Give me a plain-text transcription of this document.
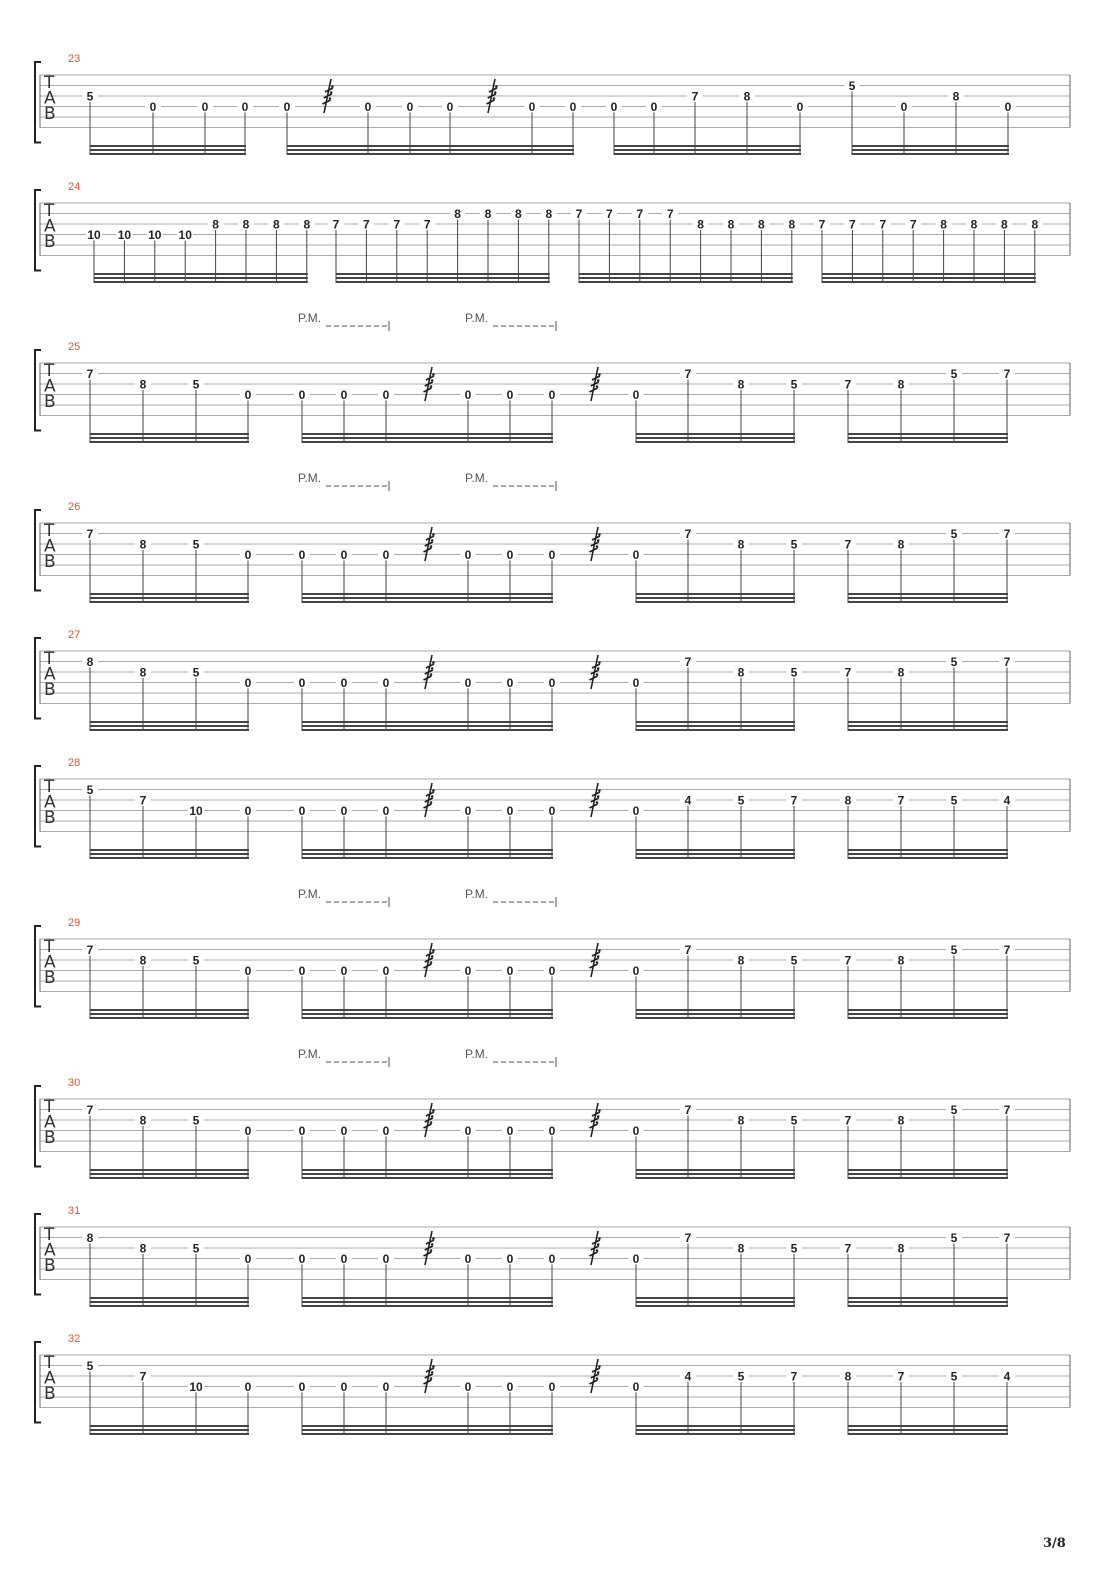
T
A
B
23
5
0	0	0	0	0	0	0	0	0	0	0
7	8
0
5
0
8
0
T
A
B
24
10 10 10 10
8 8 8 8 7 7 7 7
8 8 8 8 7 7 7 7
8 8 8 8 7 7 7 7 8 8 8 8
T
A
B
25
P.M.	P.M.
7
8	5
0	0	0	0	0	0	0	0
7
8	5	7	8
5	7
T
A
B
26
P.M.	P.M.
7
8	5
0	0	0	0	0	0	0	0
7
8	5	7	8
5	7
T
A
B
27
8
8	5
0	0	0	0	0	0	0	0
7
8	5	7	8
5	7
T
A
B
28
5
7
10	0	0	0	0	0	0	0	0
4	5	7	8	7	5	4
T
A
B
29
P.M.	P.M.
7
8	5
0	0	0	0	0	0	0	0
7
8	5	7	8
5	7
T
A
B
30
P.M.	P.M.
7
8	5
0	0	0	0	0	0	0	0
7
8	5	7	8
5	7
T
A
B
31
8
8	5
0	0	0	0	0	0	0	0
7
8	5	7	8
5	7
T
A
B
32
5
7
10	0	0	0	0	0	0	0	0
4	5	7	8	7	5	4
3/8
